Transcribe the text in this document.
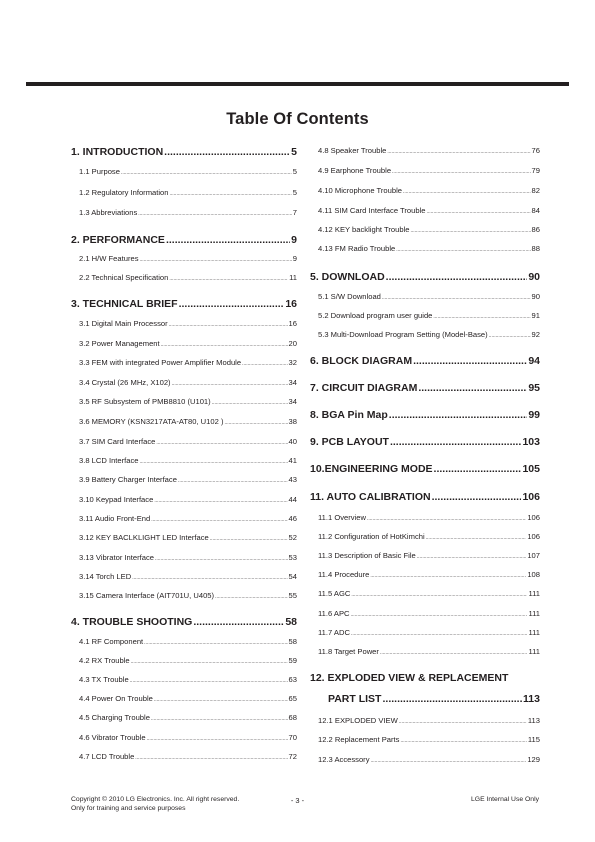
Table Of Contents
1. INTRODUCTION .....	5
1.1 Purpose .....	5
1.2 Regulatory Information .....	5
1.3 Abbreviations .....	7
2. PERFORMANCE .....	9
2.1 H/W Features .....	9
2.2 Technical Specification .....	11
3. TECHNICAL BRIEF .....	16
3.1 Digital Main Processor .....	16
3.2 Power Management .....	20
3.3 FEM with integrated Power Amplifier Module .....	32
3.4 Crystal (26 MHz, X102) .....	34
3.5 RF Subsystem of PMB8810 (U101) .....	34
3.6 MEMORY (KSN3217ATA-AT80, U102 ) .....	38
3.7 SIM Card Interface .....	40
3.8 LCD Interface .....	41
3.9 Battery Charger Interface .....	43
3.10 Keypad Interface .....	44
3.11 Audio Front-End .....	46
3.12 KEY BACLKLIGHT LED Interface .....	52
3.13 Vibrator Interface .....	53
3.14 Torch LED .....	54
3.15 Camera Interface (AIT701U, U405) .....	55
4. TROUBLE SHOOTING .....	58
4.1 RF Component .....	58
4.2 RX Trouble .....	59
4.3 TX Trouble .....	63
4.4 Power On Trouble .....	65
4.5 Charging Trouble .....	68
4.6 Vibrator Trouble .....	70
4.7 LCD Trouble .....	72
4.8 Speaker Trouble .....	76
4.9 Earphone Trouble .....	79
4.10 Microphone Trouble .....	82
4.11 SIM Card Interface Trouble .....	84
4.12 KEY backlight Trouble .....	86
4.13 FM Radio Trouble .....	88
5. DOWNLOAD .....	90
5.1 S/W Download .....	90
5.2 Download program user guide .....	91
5.3 Multi-Download Program Setting (Model-Base) .....	92
6. BLOCK DIAGRAM .....	94
7. CIRCUIT DIAGRAM .....	95
8. BGA Pin Map .....	99
9. PCB LAYOUT .....	103
10.ENGINEERING MODE .....	105
11. AUTO CALIBRATION .....	106
11.1 Overview .....	106
11.2 Configuration of HotKimchi .....	106
11.3 Description of Basic File .....	107
11.4 Procedure .....	108
11.5 AGC .....	111
11.6 APC .....	111
11.7 ADC .....	111
11.8 Target Power .....	111
12. EXPLODED VIEW & REPLACEMENT
PART LIST .....	113
12.1 EXPLODED VIEW .....	113
12.2 Replacement Parts .....	115
12.3 Accessory .....	129
Copyright © 2010 LG Electronics. Inc. All right reserved.
Only for training and service purposes
- 3 -	LGE Internal Use Only
